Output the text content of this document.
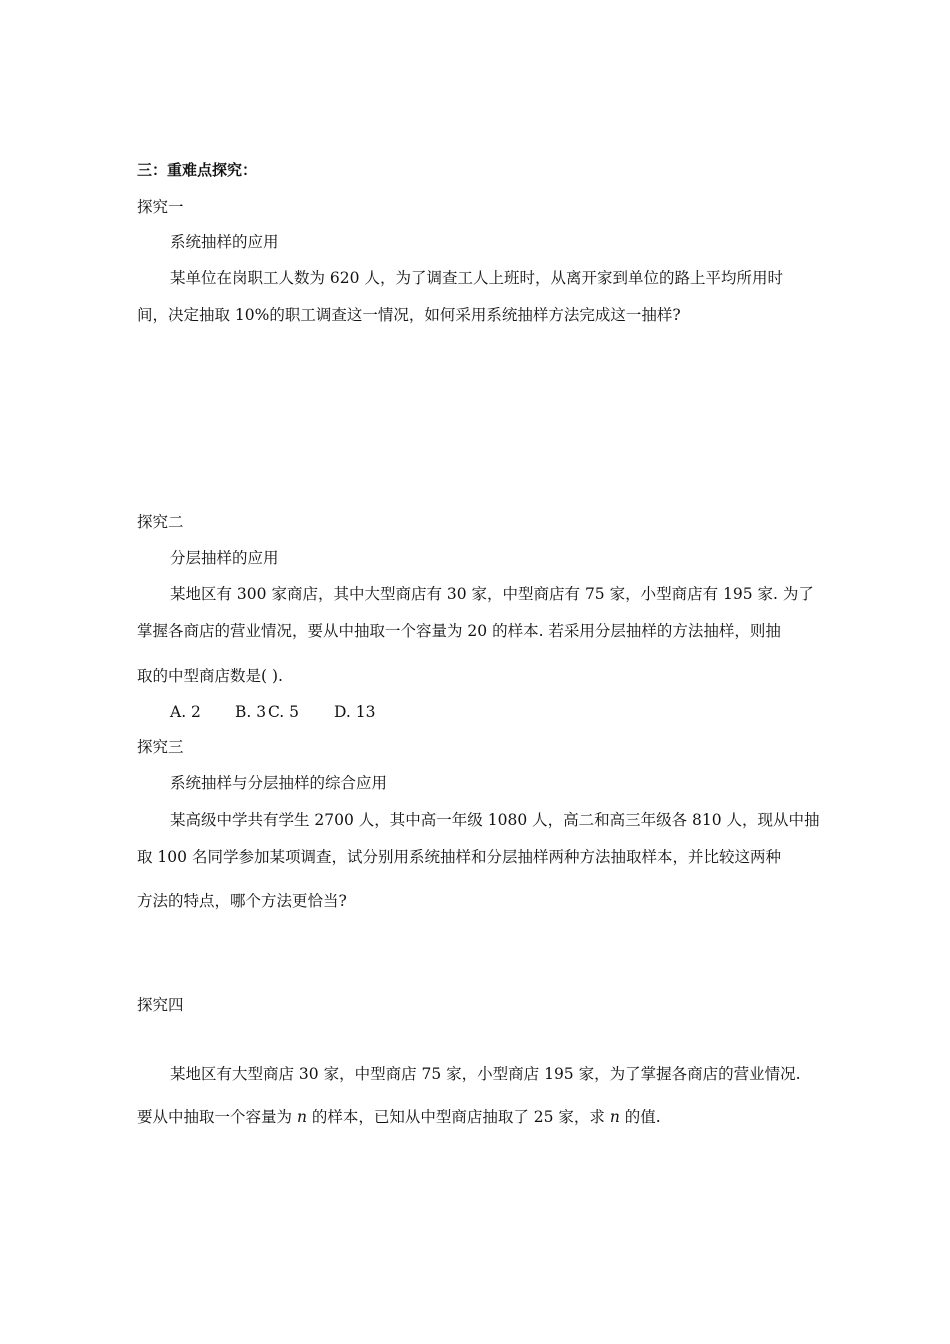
三：重难点探究：
探究一
系统抽样的应用
某单位在岗职工人数为 620 人，为了调查工人上班时，从离开家到单位的路上平均所用时
间，决定抽取 10%的职工调查这一情况，如何采用系统抽样方法完成这一抽样?
探究二
分层抽样的应用
某地区有 300 家商店，其中大型商店有 30 家，中型商店有 75 家，小型商店有 195 家. 为了
掌握各商店的营业情况，要从中抽取一个容量为 20 的样本. 若采用分层抽样的方法抽样，则抽
取的中型商店数是( ).
A. 2 B. 3 C. 5 D. 13
探究三
系统抽样与分层抽样的综合应用
某高级中学共有学生 2700 人，其中高一年级 1080 人，高二和高三年级各 810 人，现从中抽
取 100 名同学参加某项调查，试分别用系统抽样和分层抽样两种方法抽取样本，并比较这两种
方法的特点，哪个方法更恰当?
探究四
某地区有大型商店 30 家，中型商店 75 家，小型商店 195 家，为了掌握各商店的营业情况.
要从中抽取一个容量为 n 的样本，已知从中型商店抽取了 25 家，求 n 的值.
